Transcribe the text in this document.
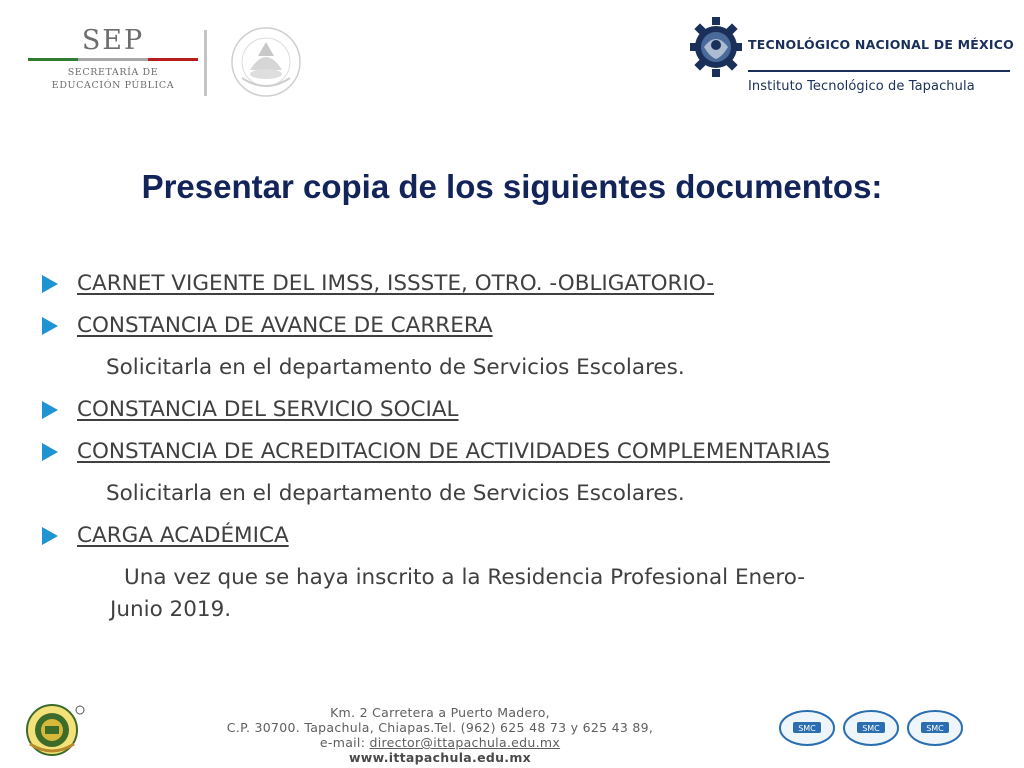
SEP
SECRETARÍA DE
EDUCACIÓN PÚBLICA
TECNOLÓGICO NACIONAL DE MÉXICO
Instituto Tecnológico de Tapachula
Presentar copia de los siguientes documentos:
CARNET VIGENTE DEL IMSS, ISSSTE, OTRO. -OBLIGATORIO-
CONSTANCIA DE AVANCE DE CARRERA
Solicitarla en el departamento de Servicios Escolares.
CONSTANCIA DEL SERVICIO SOCIAL
CONSTANCIA DE ACREDITACION DE ACTIVIDADES COMPLEMENTARIAS
Solicitarla en el departamento de Servicios Escolares.
CARGA ACADÉMICA
Una vez que se haya inscrito a la Residencia Profesional Enero-
Junio 2019.
Km. 2 Carretera a Puerto Madero,
C.P. 30700. Tapachula, Chiapas.Tel. (962) 625 48 73 y 625 43 89,
e-mail: director@ittapachula.edu.mx
www.ittapachula.edu.mx
SMC	SMC	SMC
